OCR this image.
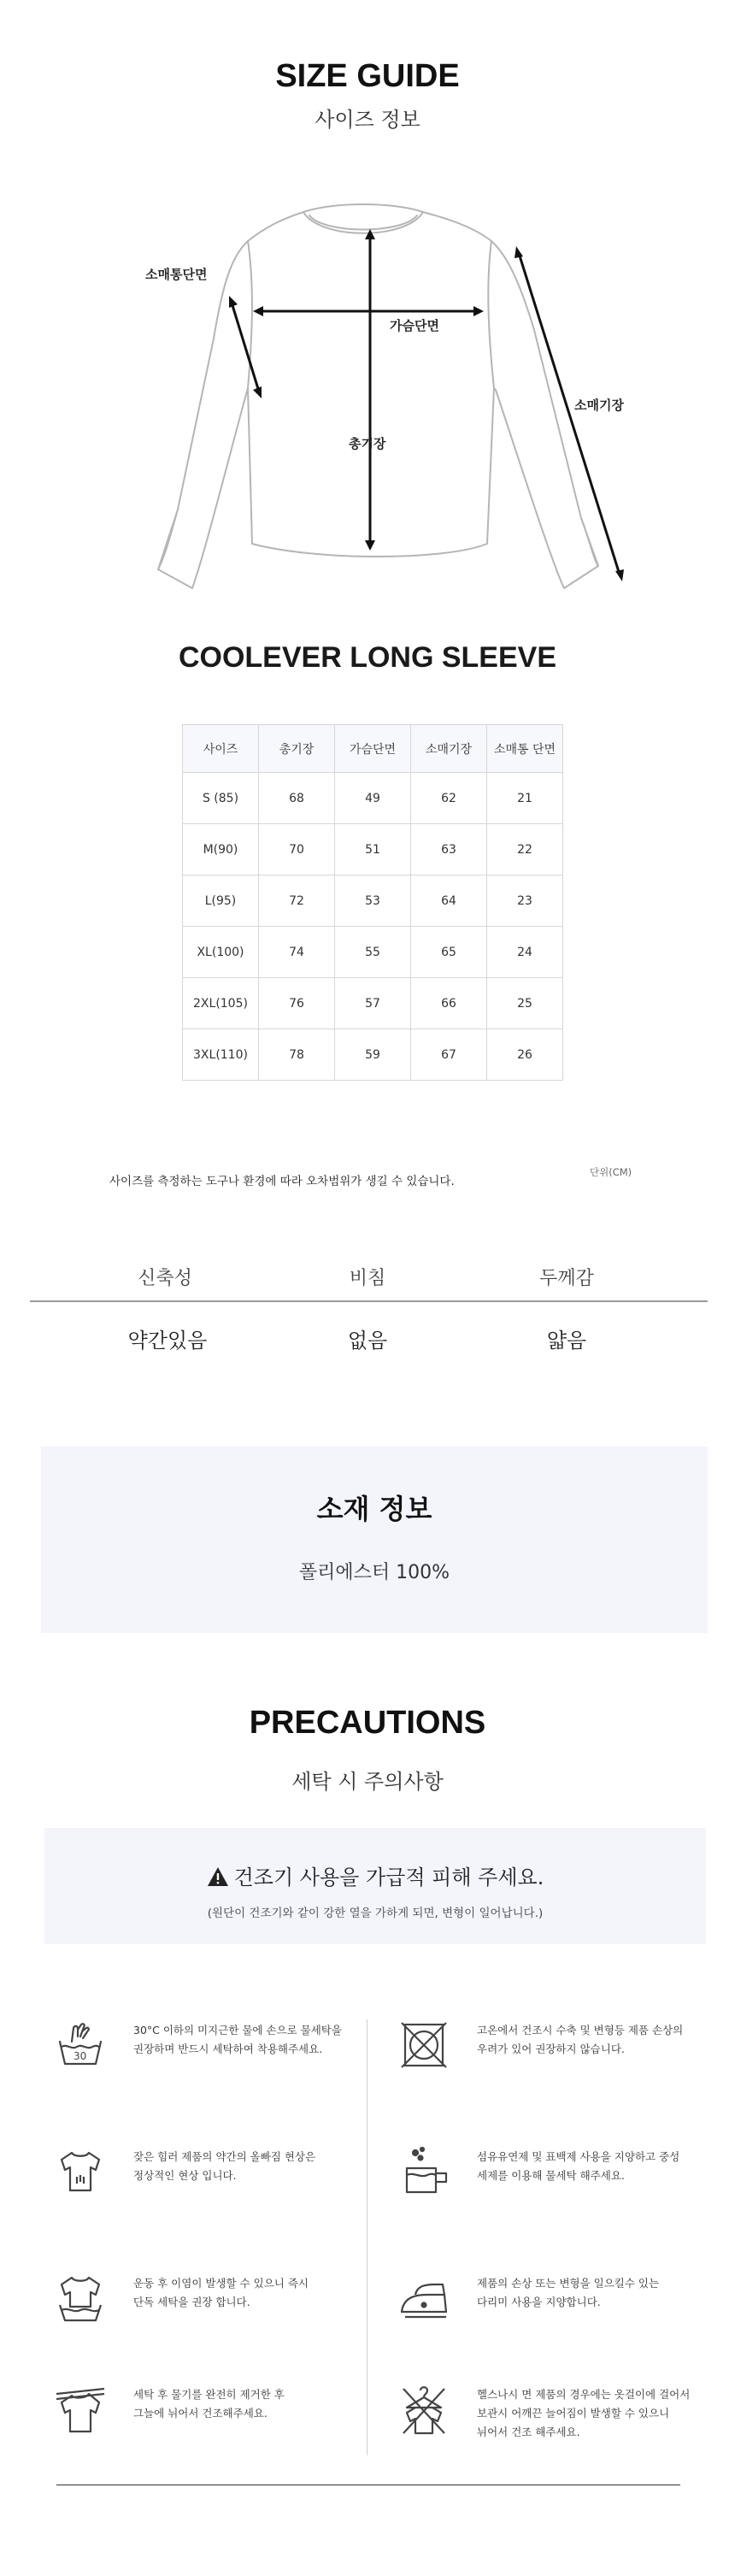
SIZE GUIDE
사이즈 정보
소매통단면
가슴단면
총기장
소매기장
COOLEVER LONG SLEEVE
사이즈	총기장	가슴단면	소매기장	소매통 단면
S (85)	68	49	62	21
M(90)	70	51	63	22
L(95)	72	53	64	23
XL(100)	74	55	65	24
2XL(105)	76	57	66	25
3XL(110)	78	59	67	26
사이즈를 측정하는 도구나 환경에 따라 오차범위가 생길 수 있습니다.
단위(CM)
신축성	비침	두께감
약간있음	없음	얇음
소재 정보
폴리에스터 100%
PRECAUTIONS
세탁 시 주의사항
건조기 사용을 가급적 피해 주세요.
(원단이 건조기와 같이 강한 열을 가하게 되면, 변형이 일어납니다.)
30
30°C 이하의 미지근한 물에 손으로 물세탁을
권장하며 반드시 세탁하여 착용해주세요.
잦은 힘러 제품의 약간의 올빠짐 현상은
정상적인 현상 입니다.
운동 후 이염이 발생할 수 있으니 즉시
단독 세탁을 권장 합니다.
세탁 후 물기를 완전히 제거한 후
그늘에 뉘어서 건조해주세요.
고온에서 건조시 수축 및 변형등 제품 손상의
우려가 있어 권장하지 않습니다.
섬유유연제 및 표백제 사용을 지양하고 중성
세제를 이용해 물세탁 해주세요.
제품의 손상 또는 변형을 일으킬수 있는
다리미 사용을 지양합니다.
헬스나시 면 제품의 경우에는 옷걸이에 걸어서
보관시 어깨끈 늘어짐이 발생할 수 있으니
뉘어서 건조 해주세요.
